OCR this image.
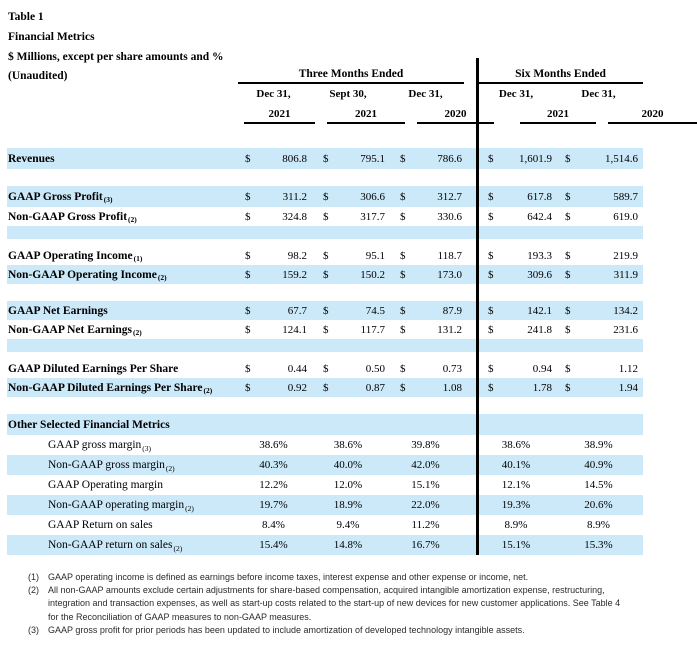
Table 1
Financial Metrics
$ Millions, except per share amounts and %
(Unaudited)	Three Months Ended	Six Months Ended
Dec 31,	Sept 30,	Dec 31,	Dec 31,	Dec 31,
2021	2021	2020	2021	2020
Revenues	$	806.8 $	795.1 $	786.6 $ 1,601.9 $	1,514.6
GAAP Gross Profit$_{(3)}$	$	311.2 $	306.6 $	312.7 $	617.8 $	589.7
Non-GAAP Gross Profit$_{(2)}$	$	324.8 $	317.7 $	330.6 $	642.4 $	619.0
GAAP Operating Income$_{(1)}$	$	98.2 $	95.1 $	118.7 $	193.3 $	219.9
Non-GAAP Operating Income$_{(2)}$	$	159.2 $	150.2 $	173.0 $	309.6 $	311.9
GAAP Net Earnings	$	67.7 $	74.5 $	87.9 $	142.1 $	134.2
Non-GAAP Net Earnings$_{(2)}$	$	124.1 $	117.7 $	131.2 $	241.8 $	231.6
GAAP Diluted Earnings Per Share	$	0.44 $	0.50 $	0.73 $	0.94 $	1.12
Non-GAAP Diluted Earnings Per Share$_{(2)}$	$	0.92 $	0.87 $	1.08 $	1.78 $	1.94
Other Selected Financial Metrics
GAAP gross margin$_{(3)}$	38.6%	38.6%	39.8%	38.6%	38.9%
Non-GAAP gross margin$_{(2)}$	40.3%	40.0%	42.0%	40.1%	40.9%
GAAP Operating margin	12.2%	12.0%	15.1%	12.1%	14.5%
Non-GAAP operating margin$_{(2)}$	19.7%	18.9%	22.0%	19.3%	20.6%
GAAP Return on sales	8.4%	9.4%	11.2%	8.9%	8.9%
Non-GAAP return on sales$_{(2)}$	15.4%	14.8%	16.7%	15.1%	15.3%
(1)	GAAP operating income is defined as earnings before income taxes, interest expense and other expense or income, net.
(2)	All non-GAAP amounts exclude certain adjustments for share-based compensation, acquired intangible amortization expense, restructuring, integration and transaction expenses, as well as start-up costs related to the start-up of new devices for new customer applications. See Table 4 for the Reconciliation of GAAP measures to non-GAAP measures.
(3)	GAAP gross profit for prior periods has been updated to include amortization of developed technology intangible assets.
